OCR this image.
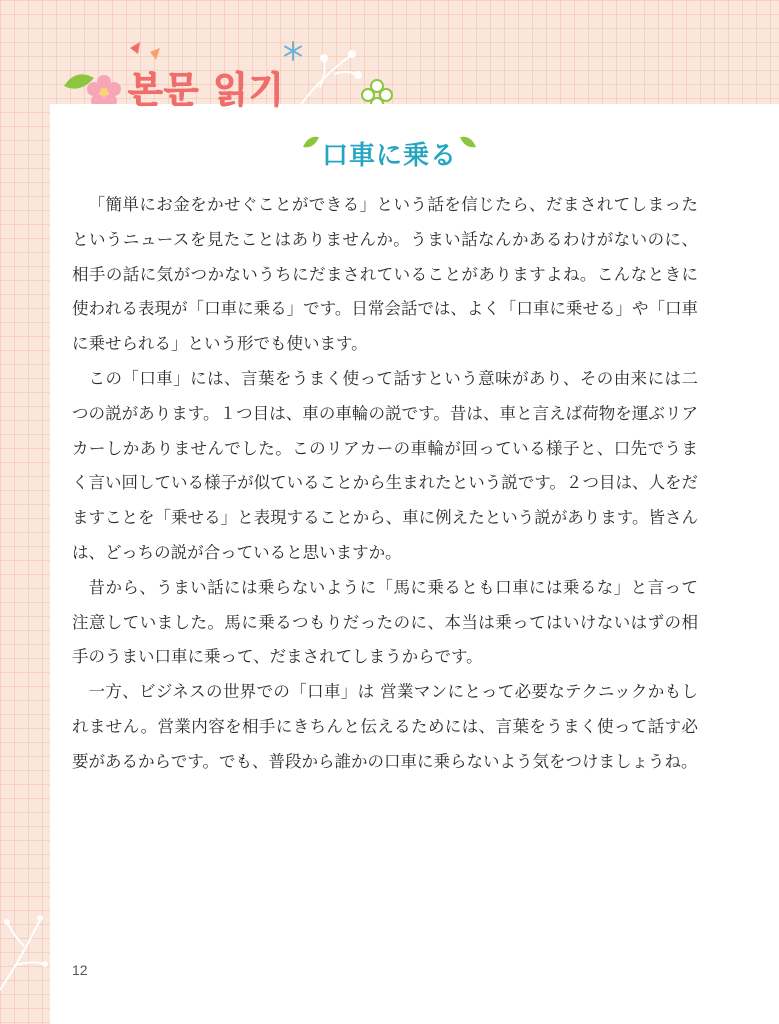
본문 읽기
口車に乗る

「簡単にお金をかせぐことができる」という話を信じたら、だまされてしまったというニュースを見たことはありませんか。うまい話なんかあるわけがないのに、相手の話に気がつかないうちにだまされていることがありますよね。こんなときに使われる表現が「口車に乗る」です。日常会話では、よく「口車に乗せる」や「口車に乗せられる」という形でも使います。

この「口車」には、言葉をうまく使って話すという意味があり、その由来には二つの説があります。１つ目は、車の車輪の説です。昔は、車と言えば荷物を運ぶリアカーしかありませんでした。このリアカーの車輪が回っている様子と、口先でうまく言い回している様子が似ていることから生まれたという説です。２つ目は、人をだますことを「乗せる」と表現することから、車に例えたという説があります。皆さんは、どっちの説が合っていると思いますか。

昔から、うまい話には乗らないように「馬に乗るとも口車には乗るな」と言って注意していました。馬に乗るつもりだったのに、本当は乗ってはいけないはずの相手のうまい口車に乗って、だまされてしまうからです。

一方、ビジネスの世界での「口車」は 営業マンにとって必要なテクニックかもしれません。営業内容を相手にきちんと伝えるためには、言葉をうまく使って話す必要があるからです。でも、普段から誰かの口車に乗らないよう気をつけましょうね。

12
